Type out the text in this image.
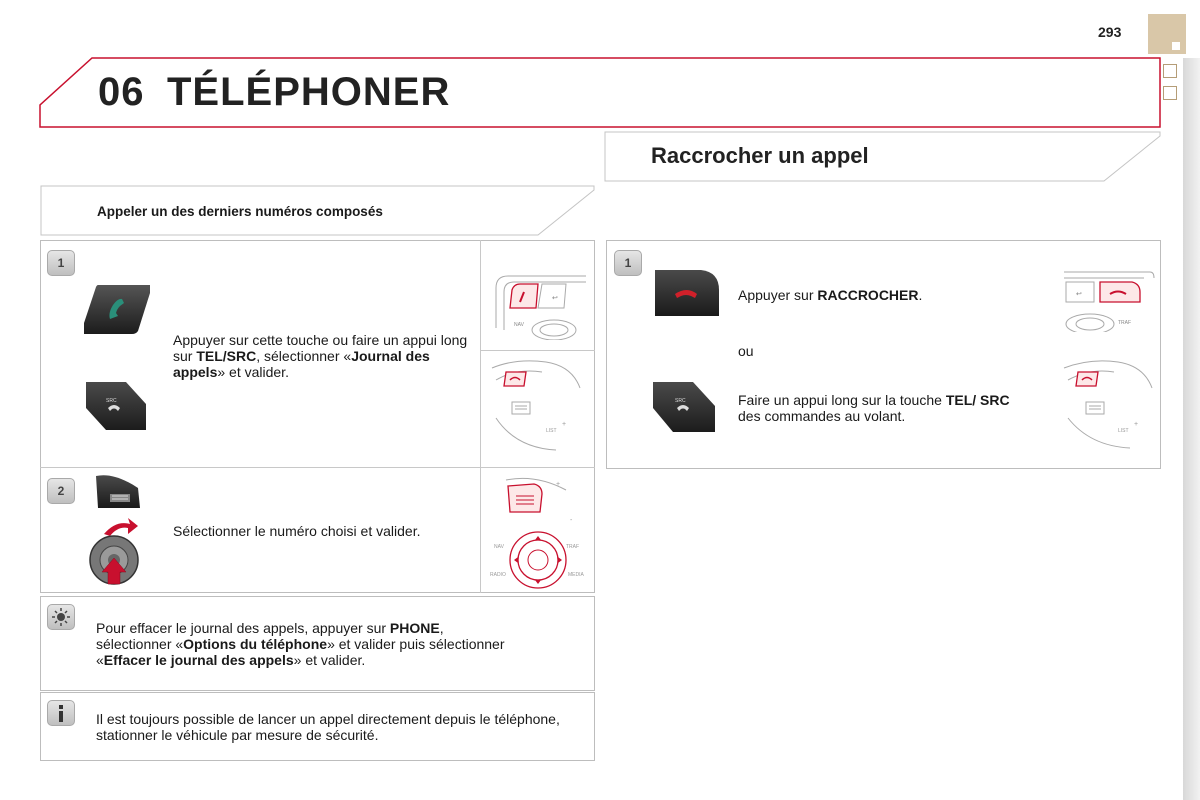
293
06 TÉLÉPHONER
Raccrocher un appel
Appeler un des derniers numéros composés
1
SRC
Appuyer sur cette touche ou faire un appui long sur TEL/SRC, sélectionner «Journal des appels» et valider.
↩
NAV
LIST
+
2
Sélectionner le numéro choisi et valider.
+
-
NAV	TRAF
RADIO	MEDIA
Pour effacer le journal des appels, appuyer sur PHONE, sélectionner «Options du téléphone» et valider puis sélectionner «Effacer le journal des appels» et valider.
Il est toujours possible de lancer un appel directement depuis le téléphone, stationner le véhicule par mesure de sécurité.
1
SRC
Appuyer sur RACCROCHER.
ou
Faire un appui long sur la touche TEL/ SRC des commandes au volant.
↩
TRAF
LIST
+
